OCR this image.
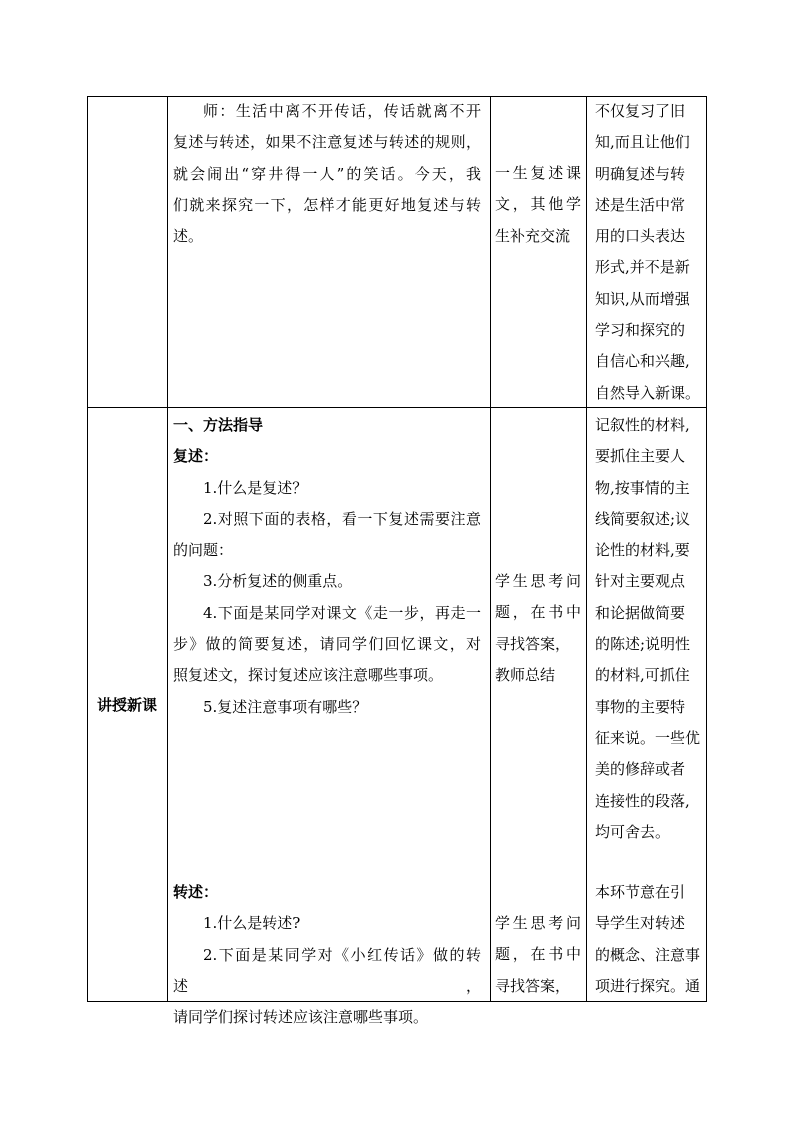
师：生活中离不开传话，传话就离不开

复述与转述，如果不注意复述与转述的规则，

就会闹出“穿井得一人”的笑话。今天，我

们就来探究一下，怎样才能更好地复述与转

述。

一生复述课

文，其他学

生补充交流

不仅复习了旧

知,而且让他们

明确复述与转

述是生活中常

用的口头表达

形式,并不是新

知识,从而增强

学习和探究的

自信心和兴趣,

自然导入新课。

讲授新课

一、方法指导

复述：

1.什么是复述？

2.对照下面的表格，看一下复述需要注意

的问题：

3.分析复述的侧重点。

4.下面是某同学对课文《走一步，再走一

步》做的简要复述，请同学们回忆课文，对

照复述文，探讨复述应该注意哪些事项。

5.复述注意事项有哪些？

学生思考问

题，在书中

寻找答案，

教师总结

记叙性的材料,

要抓住主要人

物,按事情的主

线简要叙述;议

论性的材料,要

针对主要观点

和论据做简要

的陈述;说明性

的材料,可抓住

事物的主要特

征来说。一些优

美的修辞或者

连接性的段落,

均可舍去。

转述：

1.什么是转述?

2.下面是某同学对《小红传话》做的转述，

请同学们探讨转述应该注意哪些事项。

学生思考问

题，在书中

寻找答案，

本环节意在引

导学生对转述

的概念、注意事

项进行探究。通
